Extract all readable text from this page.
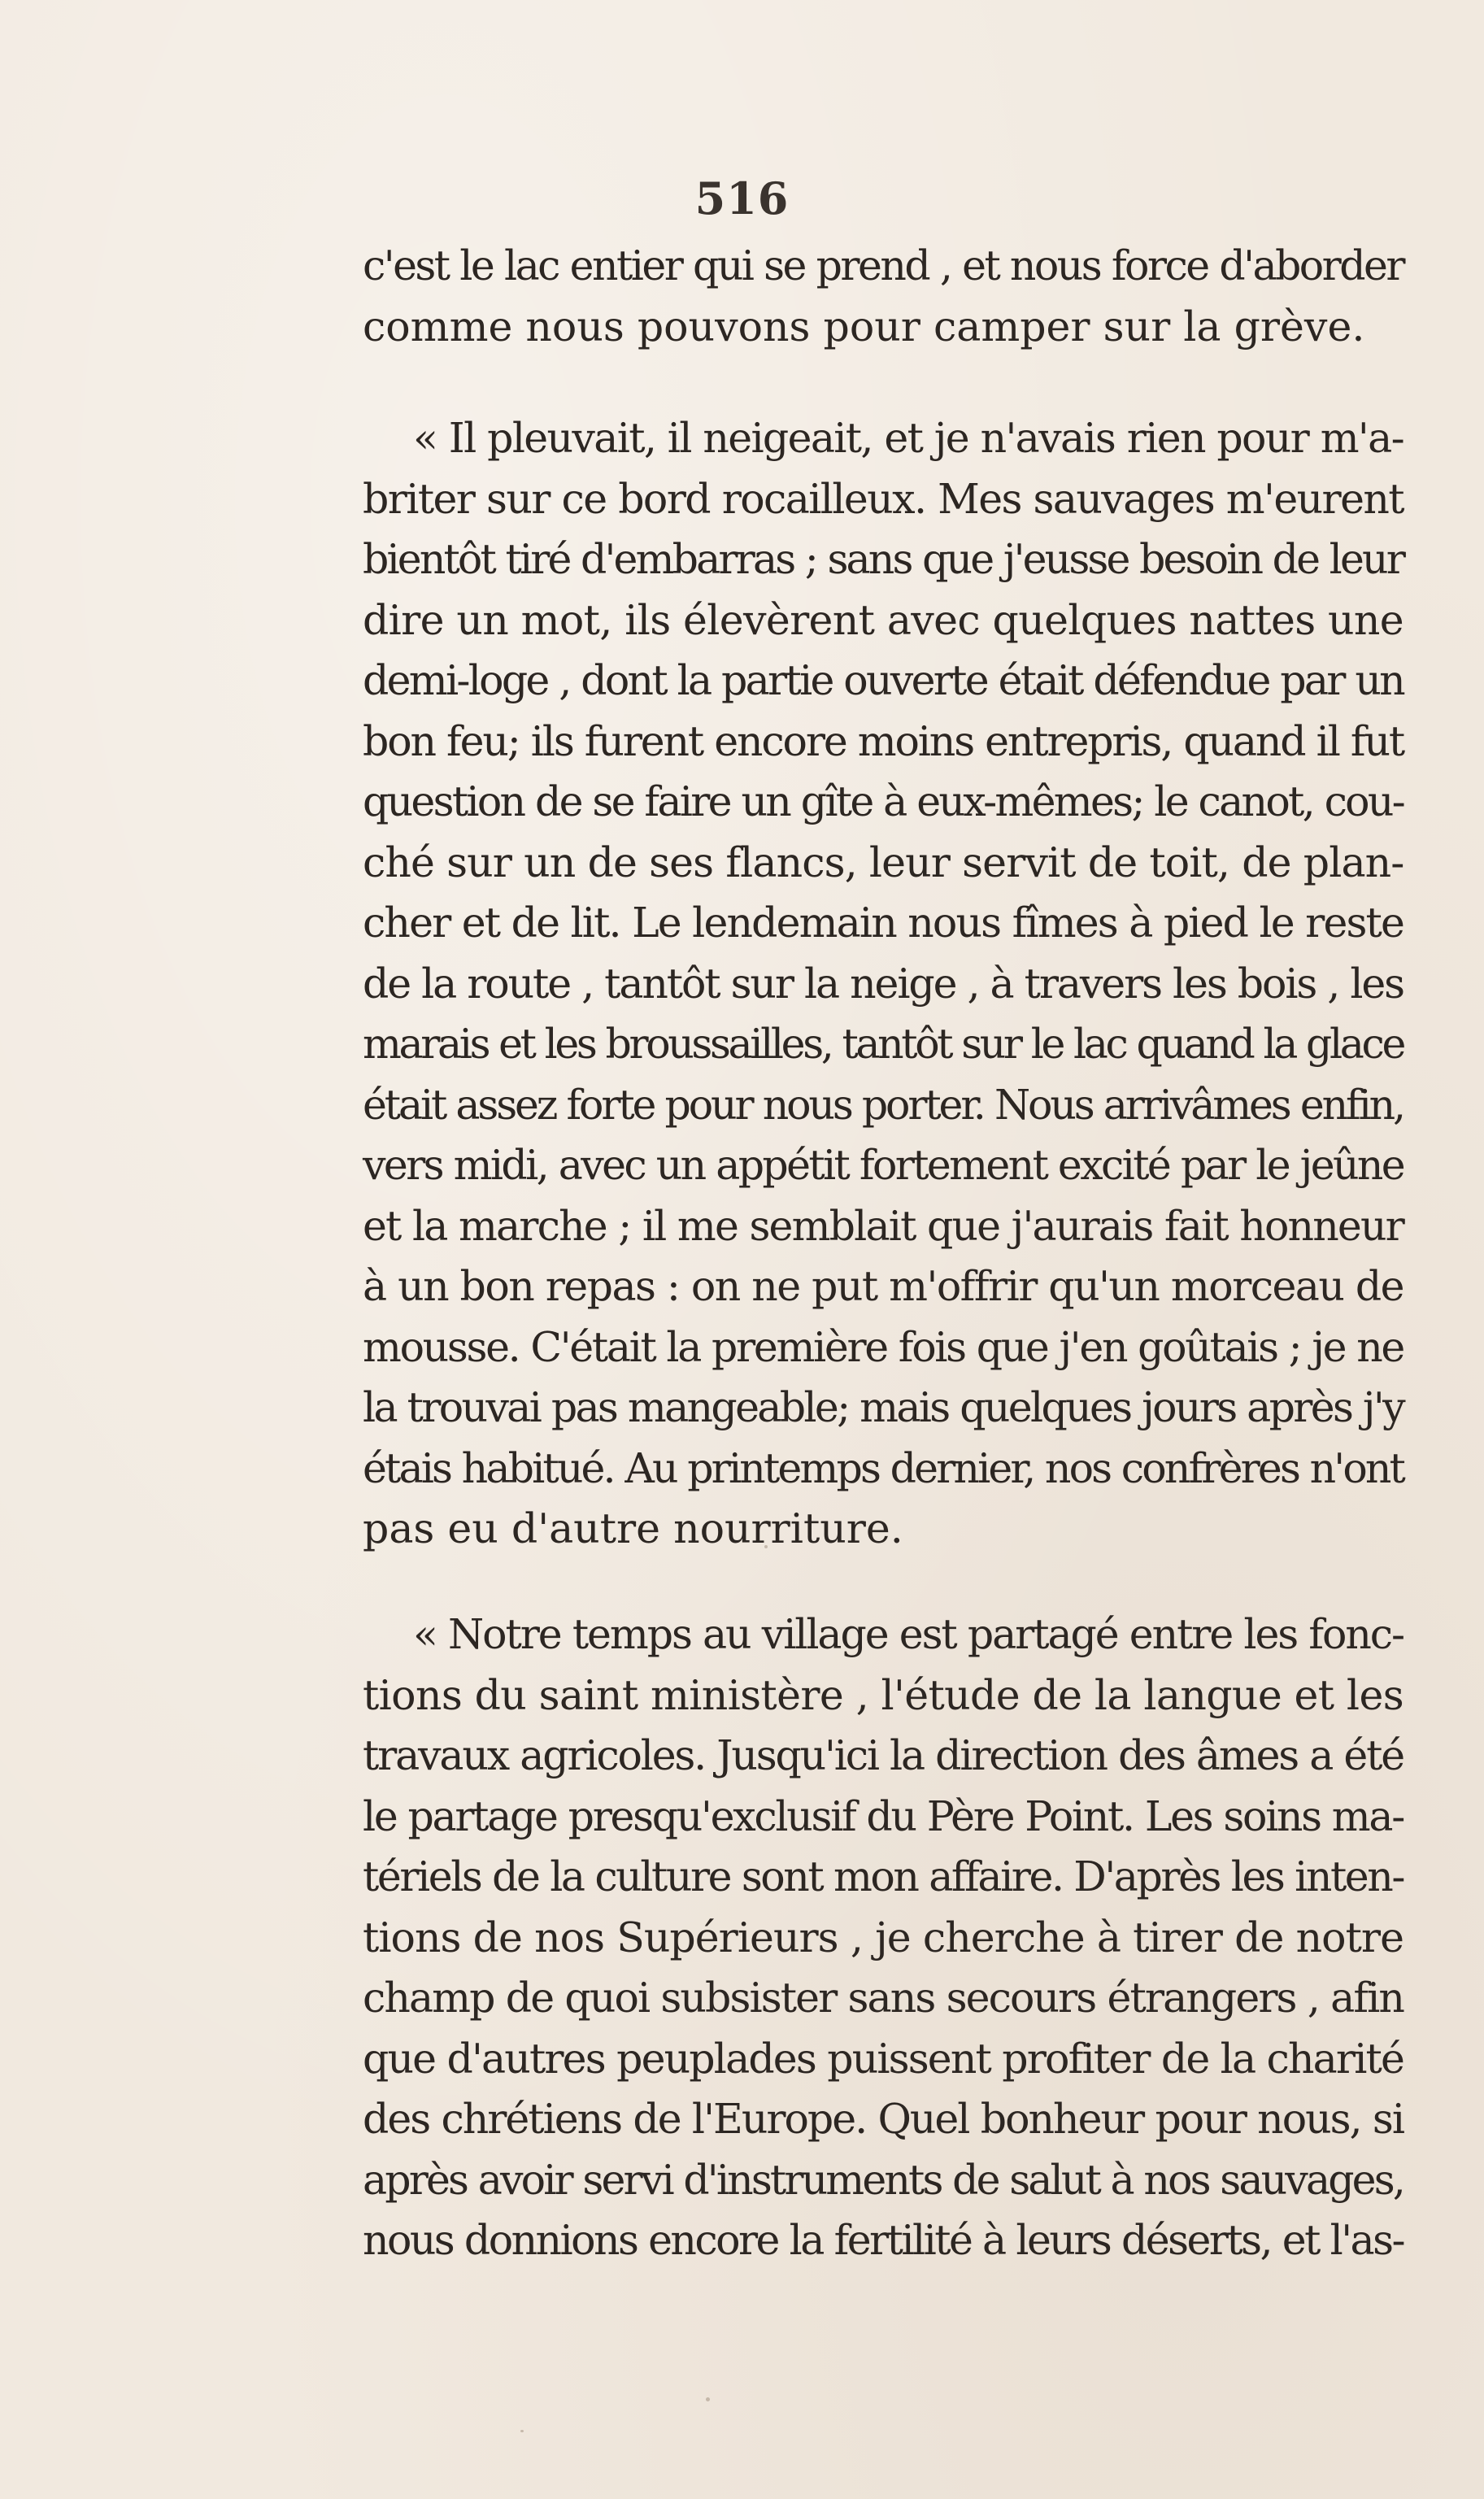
516
c'est le lac entier qui se prend , et nous force d'aborder
comme nous pouvons pour camper sur la grève.
« Il pleuvait, il neigeait, et je n'avais rien pour m'a-
briter sur ce bord rocailleux. Mes sauvages m'eurent
bientôt tiré d'embarras ; sans que j'eusse besoin de leur
dire un mot, ils élevèrent avec quelques nattes une
demi-loge , dont la partie ouverte était défendue par un
bon feu; ils furent encore moins entrepris, quand il fut
question de se faire un gîte à eux-mêmes; le canot, cou-
ché sur un de ses flancs, leur servit de toit, de plan-
cher et de lit. Le lendemain nous fîmes à pied le reste
de la route , tantôt sur la neige , à travers les bois , les
marais et les broussailles, tantôt sur le lac quand la glace
était assez forte pour nous porter. Nous arrivâmes enfin,
vers midi, avec un appétit fortement excité par le jeûne
et la marche ; il me semblait que j'aurais fait honneur
à un bon repas : on ne put m'offrir qu'un morceau de
mousse. C'était la première fois que j'en goûtais ; je ne
la trouvai pas mangeable; mais quelques jours après j'y
étais habitué. Au printemps dernier, nos confrères n'ont
pas eu d'autre nourriture.
« Notre temps au village est partagé entre les fonc-
tions du saint ministère , l'étude de la langue et les
travaux agricoles. Jusqu'ici la direction des âmes a été
le partage presqu'exclusif du Père Point. Les soins ma-
tériels de la culture sont mon affaire. D'après les inten-
tions de nos Supérieurs , je cherche à tirer de notre
champ de quoi subsister sans secours étrangers , afin
que d'autres peuplades puissent profiter de la charité
des chrétiens de l'Europe. Quel bonheur pour nous, si
après avoir servi d'instruments de salut à nos sauvages,
nous donnions encore la fertilité à leurs déserts, et l'as-
